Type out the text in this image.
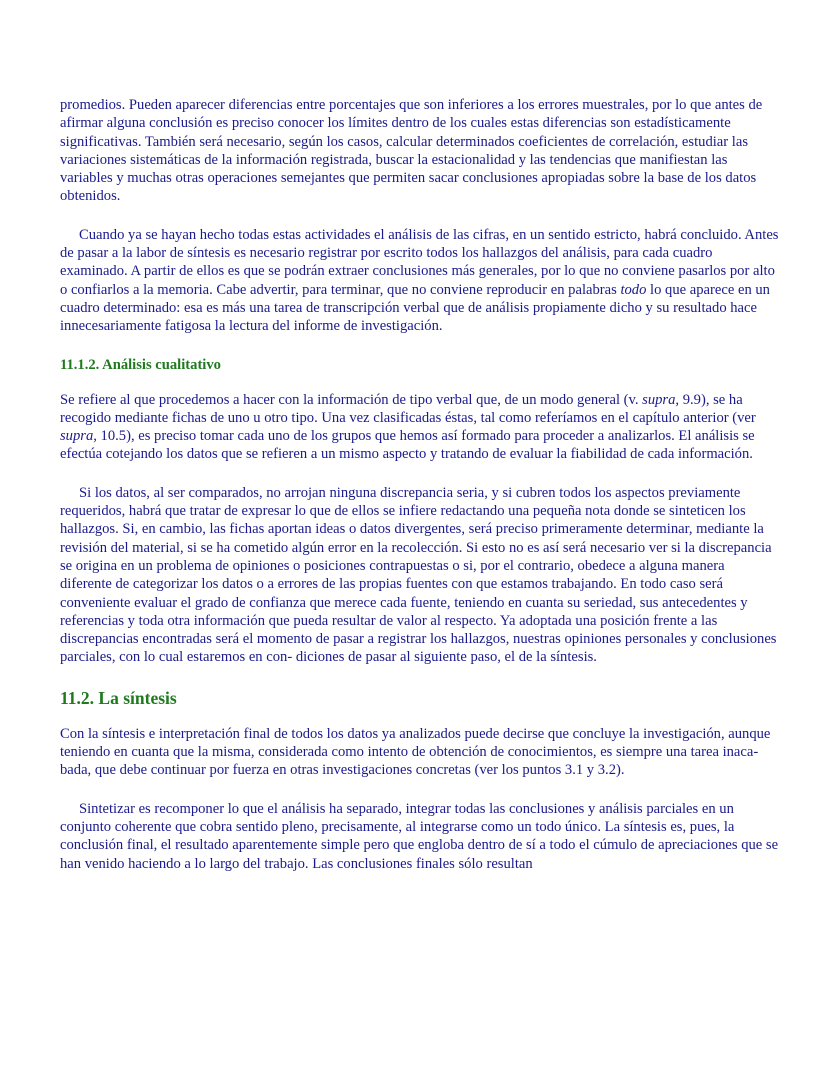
promedios. Pueden aparecer diferencias entre porcentajes que son inferiores a los errores muestrales, por lo que antes de afirmar alguna conclusión es preciso conocer los límites dentro de los cuales estas diferencias son estadísticamente significativas. También será necesario, según los casos, calcular determinados coeficientes de correlación, estudiar las variaciones sistemáticas de la información registrada, buscar la estacionalidad y las tendencias que manifiestan las variables y muchas otras operaciones semejantes que permiten sacar conclusiones apropiadas sobre la base de los datos obtenidos.

Cuando ya se hayan hecho todas estas actividades el análisis de las cifras, en un sentido estricto, habrá concluido. Antes de pasar a la labor de síntesis es necesario registrar por escrito todos los hallazgos del análisis, para cada cuadro examinado. A partir de ellos es que se podrán extraer conclusiones más generales, por lo que no conviene pasarlos por alto o confiarlos a la memoria. Cabe advertir, para terminar, que no conviene reproducir en palabras todo lo que aparece en un cuadro determinado: esa es más una tarea de transcripción verbal que de análisis propiamente dicho y su resultado hace innecesariamente fatigosa la lectura del informe de investigación.

11.1.2. Análisis cualitativo

Se refiere al que procedemos a hacer con la información de tipo verbal que, de un modo general (v. supra, 9.9), se ha recogido mediante fichas de uno u otro tipo. Una vez clasificadas éstas, tal como referíamos en el capítulo anterior (ver supra, 10.5), es preciso tomar cada uno de los grupos que hemos así formado para proceder a analizarlos. El análisis se efectúa cotejando los datos que se refieren a un mismo aspecto y tratando de evaluar la fiabilidad de cada información.

Si los datos, al ser comparados, no arrojan ninguna discrepancia seria, y si cubren todos los aspectos previamente requeridos, habrá que tratar de expresar lo que de ellos se infiere redactando una pequeña nota donde se sinteticen los hallazgos. Si, en cambio, las fichas aportan ideas o datos divergentes, será preciso primeramente determinar, mediante la revisión del material, si se ha cometido algún error en la recolección. Si esto no es así será necesario ver si la discrepancia se origina en un problema de opiniones o posiciones contrapuestas o si, por el contrario, obedece a alguna manera diferente de categorizar los datos o a errores de las propias fuentes con que estamos trabajando. En todo caso será conveniente evaluar el grado de confianza que merece cada fuente, teniendo en cuanta su seriedad, sus antecedentes y referencias y toda otra información que pueda resultar de valor al respecto. Ya adoptada una posición frente a las discrepancias encontradas será el momento de pasar a registrar los hallazgos, nuestras opiniones personales y conclusiones parciales, con lo cual estaremos en con- diciones de pasar al siguiente paso, el de la síntesis.

11.2. La síntesis

Con la síntesis e interpretación final de todos los datos ya analizados puede decirse que concluye la investigación, aunque teniendo en cuanta que la misma, considerada como intento de obtención de conocimientos, es siempre una tarea inaca- bada, que debe continuar por fuerza en otras investigaciones concretas (ver los puntos 3.1 y 3.2).

Sintetizar es recomponer lo que el análisis ha separado, integrar todas las conclusiones y análisis parciales en un conjunto coherente que cobra sentido pleno, precisamente, al integrarse como un todo único. La síntesis es, pues, la conclusión final, el resultado aparentemente simple pero que engloba dentro de sí a todo el cúmulo de apreciaciones que se han venido haciendo a lo largo del trabajo. Las conclusiones finales sólo resultan
